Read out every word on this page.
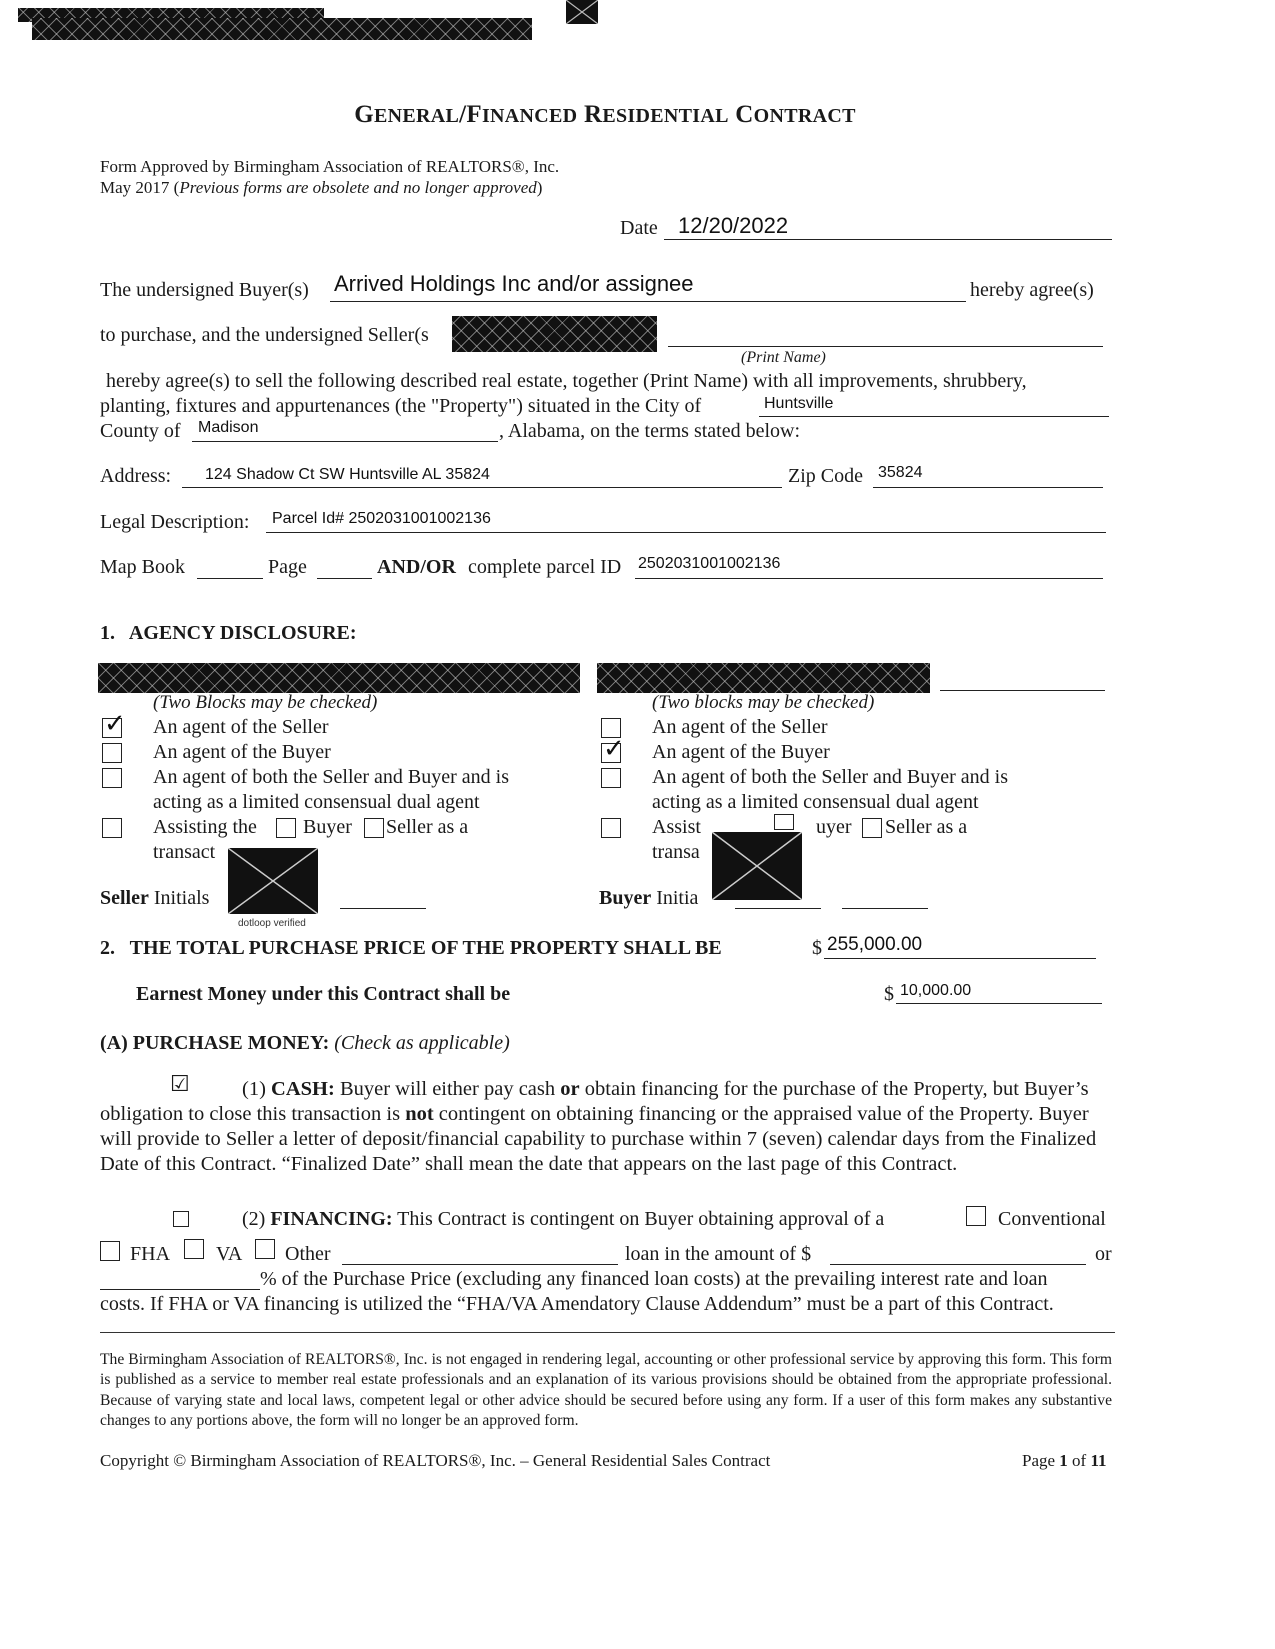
GENERAL/FINANCED RESIDENTIAL CONTRACT
Form Approved by Birmingham Association of REALTORS®, Inc.
May 2017 (Previous forms are obsolete and no longer approved)
Date 12/20/2022
The undersigned Buyer(s) Arrived Holdings Inc and/or assignee	hereby agree(s)
to purchase, and the undersigned Seller(s
(Print Name)
hereby agree(s) to sell the following described real estate, together (Print Name) with all improvements, shrubbery,
planting, fixtures and appurtenances (the "Property") situated in the City of	Huntsville
County of Madison	, Alabama, on the terms stated below:
Address: 124 Shadow Ct SW Huntsville AL 35824	Zip Code 35824
Legal Description: Parcel Id# 2502031001002136
Map Book	Page	AND/OR complete parcel ID 2502031001002136
1.   AGENCY DISCLOSURE:
(Two Blocks may be checked)
✓ An agent of the Seller
An agent of the Buyer
An agent of both the Seller and Buyer and is
acting as a limited consensual dual agent
Assisting the Buyer Seller as a
transact
Seller Initials
dotloop verified
(Two blocks may be checked)
An agent of the Seller
✓ An agent of the Buyer
An agent of both the Seller and Buyer and is
acting as a limited consensual dual agent
Assist	uyer Seller as a
transa
Buyer Initia
2.   THE TOTAL PURCHASE PRICE OF THE PROPERTY SHALL BE	$ 255,000.00
Earnest Money under this Contract shall be	$ 10,000.00
(A) PURCHASE MONEY: (Check as applicable)
☑	(1) CASH: Buyer will either pay cash or obtain financing for the purchase of the Property, but Buyer’s
obligation to close this transaction is not contingent on obtaining financing or the appraised value of the Property. Buyer
will provide to Seller a letter of deposit/financial capability to purchase within 7 (seven) calendar days from the Finalized
Date of this Contract. “Finalized Date” shall mean the date that appears on the last page of this Contract.
(2) FINANCING: This Contract is contingent on Buyer obtaining approval of a	Conventional
FHA VA Other	loan in the amount of $	or
% of the Purchase Price (excluding any financed loan costs) at the prevailing interest rate and loan
costs. If FHA or VA financing is utilized the “FHA/VA Amendatory Clause Addendum” must be a part of this Contract.
The Birmingham Association of REALTORS®, Inc. is not engaged in rendering legal, accounting or other professional service by approving this form. This form is published as a service to member real estate professionals and an explanation of its various provisions should be obtained from the appropriate professional. Because of varying state and local laws, competent legal or other advice should be secured before using any form. If a user of this form makes any substantive changes to any portions above, the form will no longer be an approved form.
Copyright © Birmingham Association of REALTORS®, Inc. – General Residential Sales Contract	Page 1 of 11
